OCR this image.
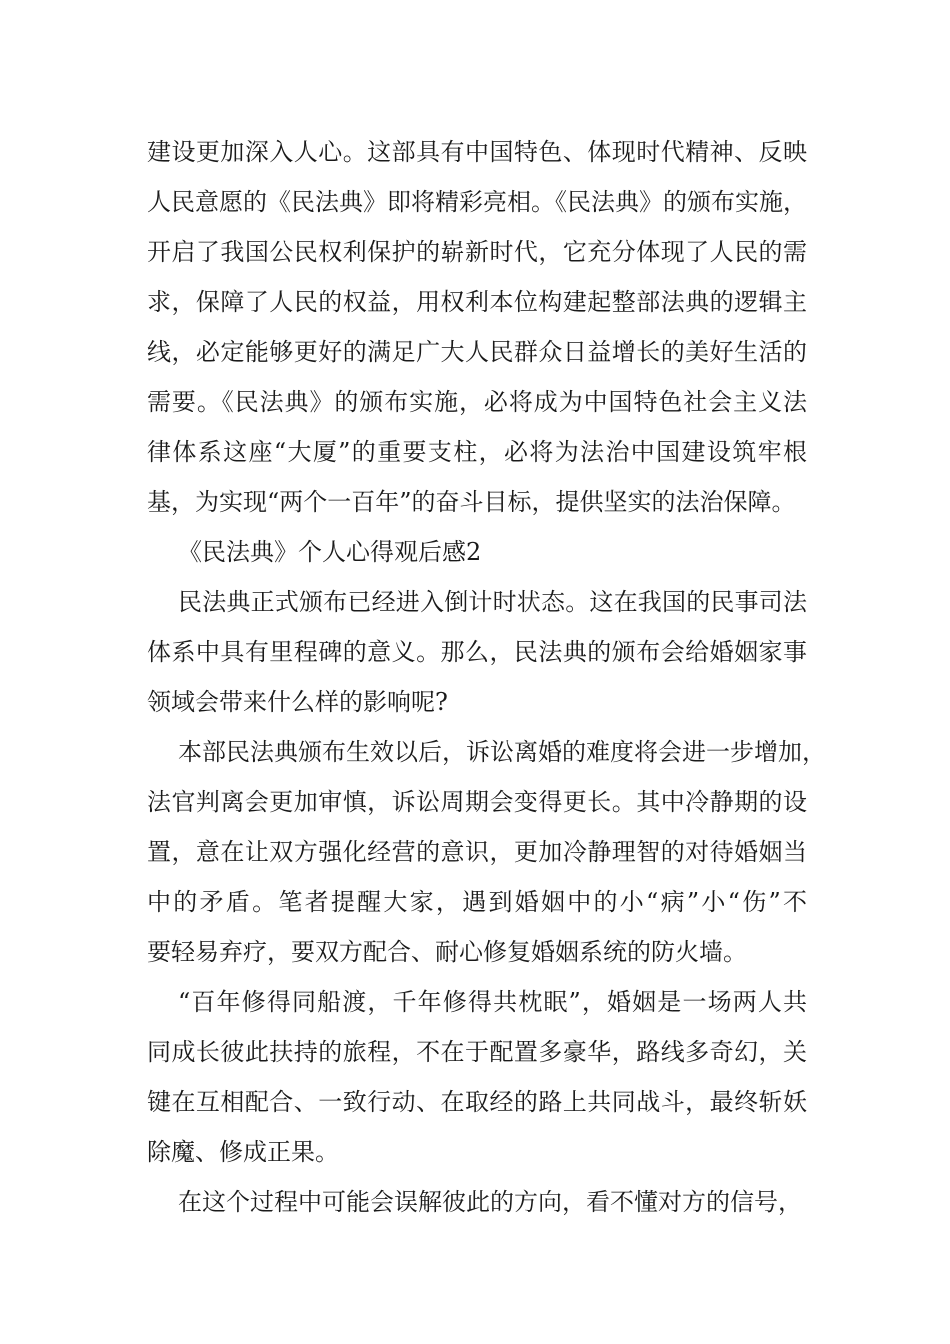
建设更加深入人心。这部具有中国特色、体现时代精神、反映
人民意愿的《民法典》即将精彩亮相。《民法典》的颁布实施，
开启了我国公民权利保护的崭新时代，它充分体现了人民的需
求，保障了人民的权益，用权利本位构建起整部法典的逻辑主
线，必定能够更好的满足广大人民群众日益增长的美好生活的
需要。《民法典》的颁布实施，必将成为中国特色社会主义法
律体系这座“大厦”的重要支柱，必将为法治中国建设筑牢根
基，为实现“两个一百年”的奋斗目标，提供坚实的法治保障。
《民法典》个人心得观后感2
民法典正式颁布已经进入倒计时状态。这在我国的民事司法
体系中具有里程碑的意义。那么，民法典的颁布会给婚姻家事
领域会带来什么样的影响呢?
本部民法典颁布生效以后，诉讼离婚的难度将会进一步增加，
法官判离会更加审慎，诉讼周期会变得更长。其中冷静期的设
置，意在让双方强化经营的意识，更加冷静理智的对待婚姻当
中的矛盾。笔者提醒大家，遇到婚姻中的小“病”小“伤”不
要轻易弃疗，要双方配合、耐心修复婚姻系统的防火墙。
“百年修得同船渡，千年修得共枕眠”，婚姻是一场两人共
同成长彼此扶持的旅程，不在于配置多豪华，路线多奇幻，关
键在互相配合、一致行动、在取经的路上共同战斗，最终斩妖
除魔、修成正果。
在这个过程中可能会误解彼此的方向，看不懂对方的信号，
